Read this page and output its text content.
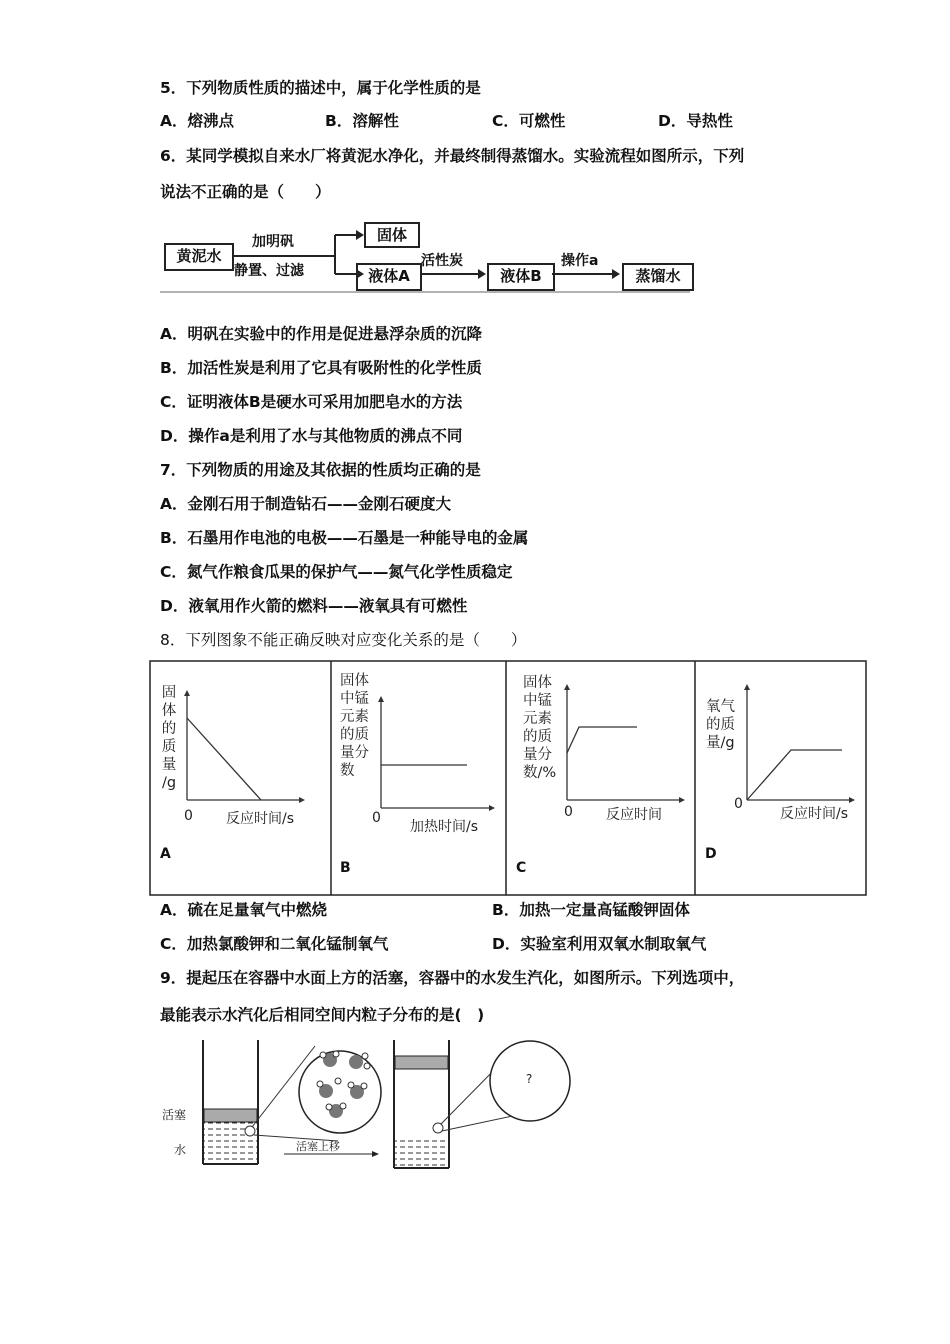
5．下列物质性质的描述中，属于化学性质的是
A．熔沸点	B．溶解性	C．可燃性	D．导热性
6．某同学模拟自来水厂将黄泥水净化，并最终制得蒸馏水。实验流程如图所示，下列
说法不正确的是（　　）
黄泥水
加明矾
静置、过滤
固体
液体A
活性炭
液体B
操作a
蒸馏水
A．明矾在实验中的作用是促进悬浮杂质的沉降
B．加活性炭是利用了它具有吸附性的化学性质
C．证明液体B是硬水可采用加肥皂水的方法
D．操作a是利用了水与其他物质的沸点不同
7．下列物质的用途及其依据的性质均正确的是
A．金刚石用于制造钻石——金刚石硬度大
B．石墨用作电池的电极——石墨是一种能导电的金属
C．氮气作粮食瓜果的保护气——氮气化学性质稳定
D．液氧用作火箭的燃料——液氧具有可燃性
8．下列图象不能正确反映对应变化关系的是（　　）
固
体
的
质
量
/g
0 反应时间/s
A
固体
中锰
元素
的质
量分
数
0
加热时间/s
B
固体
中锰
元素
的质
量分
数/%
0 反应时间
C
氧气
的质
量/g
0
反应时间/s
D
A．硫在足量氧气中燃烧	B．加热一定量高锰酸钾固体
C．加热氯酸钾和二氧化锰制氧气	D．实验室利用双氧水制取氧气
9．提起压在容器中水面上方的活塞，容器中的水发生汽化，如图所示。下列选项中，
最能表示水汽化后相同空间内粒子分布的是(　)
活塞
水	活塞上移
?
